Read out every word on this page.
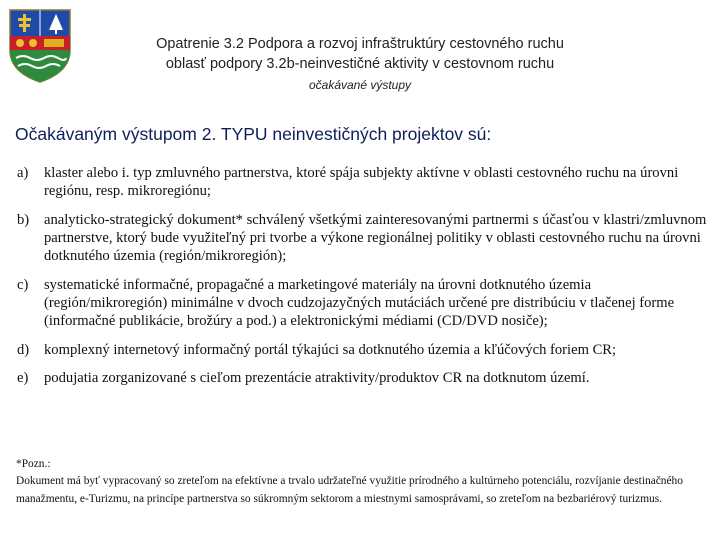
Opatrenie 3.2 Podpora a rozvoj infraštruktúry cestovného ruchu
oblasť podpory 3.2b-neinvestičné aktivity v cestovnom ruchu
očakávané výstupy
Očakávaným výstupom 2. TYPU neinvestičných projektov sú:
a)	klaster alebo i. typ zmluvného partnerstva, ktoré spája subjekty aktívne v oblasti cestovného ruchu na úrovni regiónu, resp. mikroregiónu;
b)	analyticko-strategický dokument* schválený všetkými zainteresovanými partnermi s účasťou v klastri/zmluvnom partnerstve, ktorý bude využiteľný pri tvorbe a výkone regionálnej politiky v oblasti cestovného ruchu na úrovni dotknutého územia (región/mikroregión);
c)	systematické informačné, propagačné a marketingové materiály na úrovni dotknutého územia (región/mikroregión) minimálne v dvoch cudzojazyčných mutáciách určené pre distribúciu v tlačenej forme (informačné publikácie, brožúry a pod.) a elektronickými médiami (CD/DVD nosiče);
d)	komplexný internetový informačný portál týkajúci sa dotknutého územia a kľúčových foriem CR;
e)	podujatia zorganizované s cieľom prezentácie atraktivity/produktov CR na dotknutom území.
*Pozn.:
Dokument má byť vypracovaný so zreteľom na efektívne a trvalo udržateľné využitie prírodného a kultúrneho potenciálu, rozvíjanie destinačného manažmentu, e-Turizmu, na princípe partnerstva so súkromným sektorom a miestnymi samosprávami, so zreteľom na bezbariérový turizmus.
